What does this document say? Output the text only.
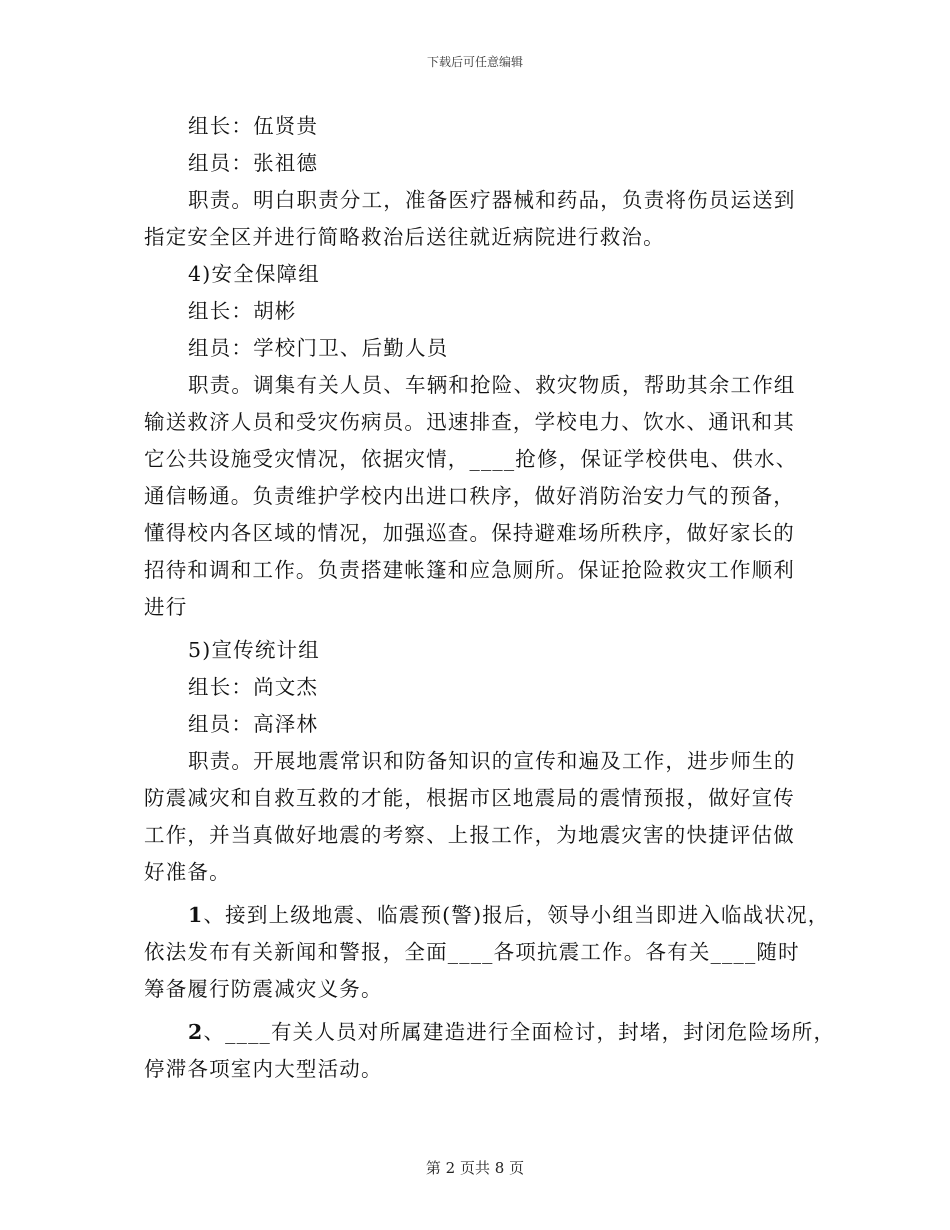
下载后可任意编辑

组长：伍贤贵

组员：张祖德

职责。明白职责分工，准备医疗器械和药品，负责将伤员运送到

指定安全区并进行简略救治后送往就近病院进行救治。

4)安全保障组

组长：胡彬

组员：学校门卫、后勤人员

职责。调集有关人员、车辆和抢险、救灾物质，帮助其余工作组

输送救济人员和受灾伤病员。迅速排查，学校电力、饮水、通讯和其

它公共设施受灾情况，依据灾情，____抢修，保证学校供电、供水、

通信畅通。负责维护学校内出进口秩序，做好消防治安力气的预备，

懂得校内各区域的情况，加强巡查。保持避难场所秩序，做好家长的

招待和调和工作。负责搭建帐篷和应急厕所。保证抢险救灾工作顺利

进行

5)宣传统计组

组长：尚文杰

组员：高泽林

职责。开展地震常识和防备知识的宣传和遍及工作，进步师生的

防震减灾和自救互救的才能，根据市区地震局的震情预报，做好宣传

工作，并当真做好地震的考察、上报工作，为地震灾害的快捷评估做

好准备。

1、接到上级地震、临震预(警)报后，领导小组当即进入临战状况，

依法发布有关新闻和警报，全面____各项抗震工作。各有关____随时

筹备履行防震减灾义务。

2、____有关人员对所属建造进行全面检讨，封堵，封闭危险场所，

停滞各项室内大型活动。

第 2 页共 8 页
